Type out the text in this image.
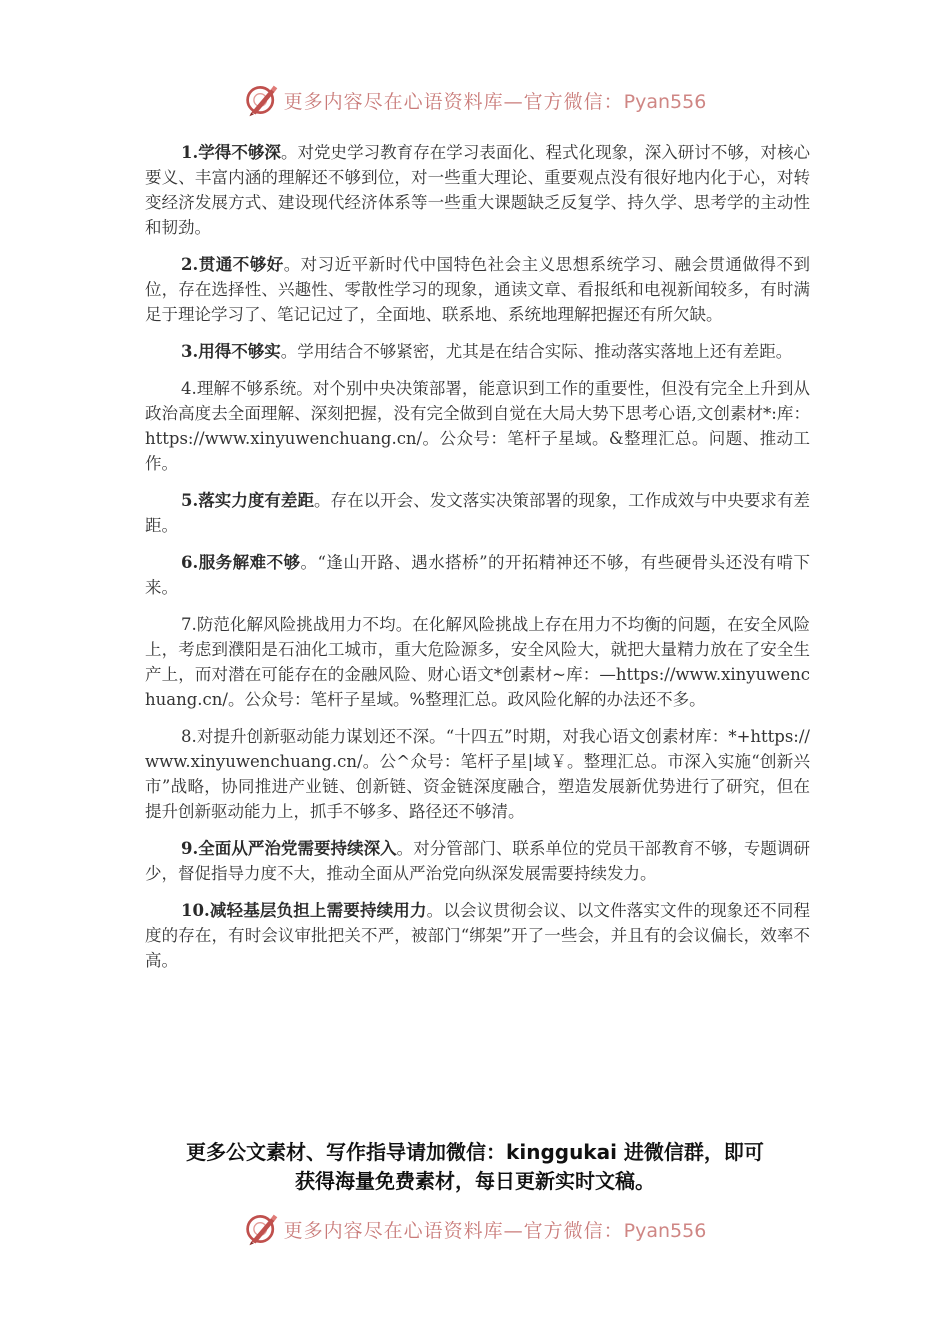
更多内容尽在心语资料库—官方微信：Pyan556

1.学得不够深。对党史学习教育存在学习表面化、程式化现象，深入研讨不够，对核心要义、丰富内涵的理解还不够到位，对一些重大理论、重要观点没有很好地内化于心，对转变经济发展方式、建设现代经济体系等一些重大课题缺乏反复学、持久学、思考学的主动性和韧劲。

2.贯通不够好。对习近平新时代中国特色社会主义思想系统学习、融会贯通做得不到位，存在选择性、兴趣性、零散性学习的现象，通读文章、看报纸和电视新闻较多，有时满足于理论学习了、笔记记过了，全面地、联系地、系统地理解把握还有所欠缺。

3.用得不够实。学用结合不够紧密，尤其是在结合实际、推动落实落地上还有差距。

4.理解不够系统。对个别中央决策部署，能意识到工作的重要性，但没有完全上升到从政治高度去全面理解、深刻把握，没有完全做到自觉在大局大势下思考心语,文创素材*:库：https://www.xinyuwenchuang.cn/。公众号：笔杆子星域。&整理汇总。问题、推动工作。

5.落实力度有差距。存在以开会、发文落实决策部署的现象，工作成效与中央要求有差距。

6.服务解难不够。“逢山开路、遇水搭桥”的开拓精神还不够，有些硬骨头还没有啃下来。

7.防范化解风险挑战用力不均。在化解风险挑战上存在用力不均衡的问题，在安全风险上，考虑到濮阳是石油化工城市，重大危险源多，安全风险大，就把大量精力放在了安全生产上，而对潜在可能存在的金融风险、财心语文*创素材~库：—https://www.xinyuwenchuang.cn/。公众号：笔杆子星域。%整理汇总。政风险化解的办法还不多。

8.对提升创新驱动能力谋划还不深。“十四五”时期，对我心语文创素材库：*+https://www.xinyuwenchuang.cn/。公^众号：笔杆子星|域￥。整理汇总。市深入实施“创新兴市”战略，协同推进产业链、创新链、资金链深度融合，塑造发展新优势进行了研究，但在提升创新驱动能力上，抓手不够多、路径还不够清。

9.全面从严治党需要持续深入。对分管部门、联系单位的党员干部教育不够，专题调研少，督促指导力度不大，推动全面从严治党向纵深发展需要持续发力。

10.减轻基层负担上需要持续用力。以会议贯彻会议、以文件落实文件的现象还不同程度的存在，有时会议审批把关不严，被部门“绑架”开了一些会，并且有的会议偏长，效率不高。

更多公文素材、写作指导请加微信：kinggukai 进微信群，即可
获得海量免费素材，每日更新实时文稿。
更多内容尽在心语资料库—官方微信：Pyan556
